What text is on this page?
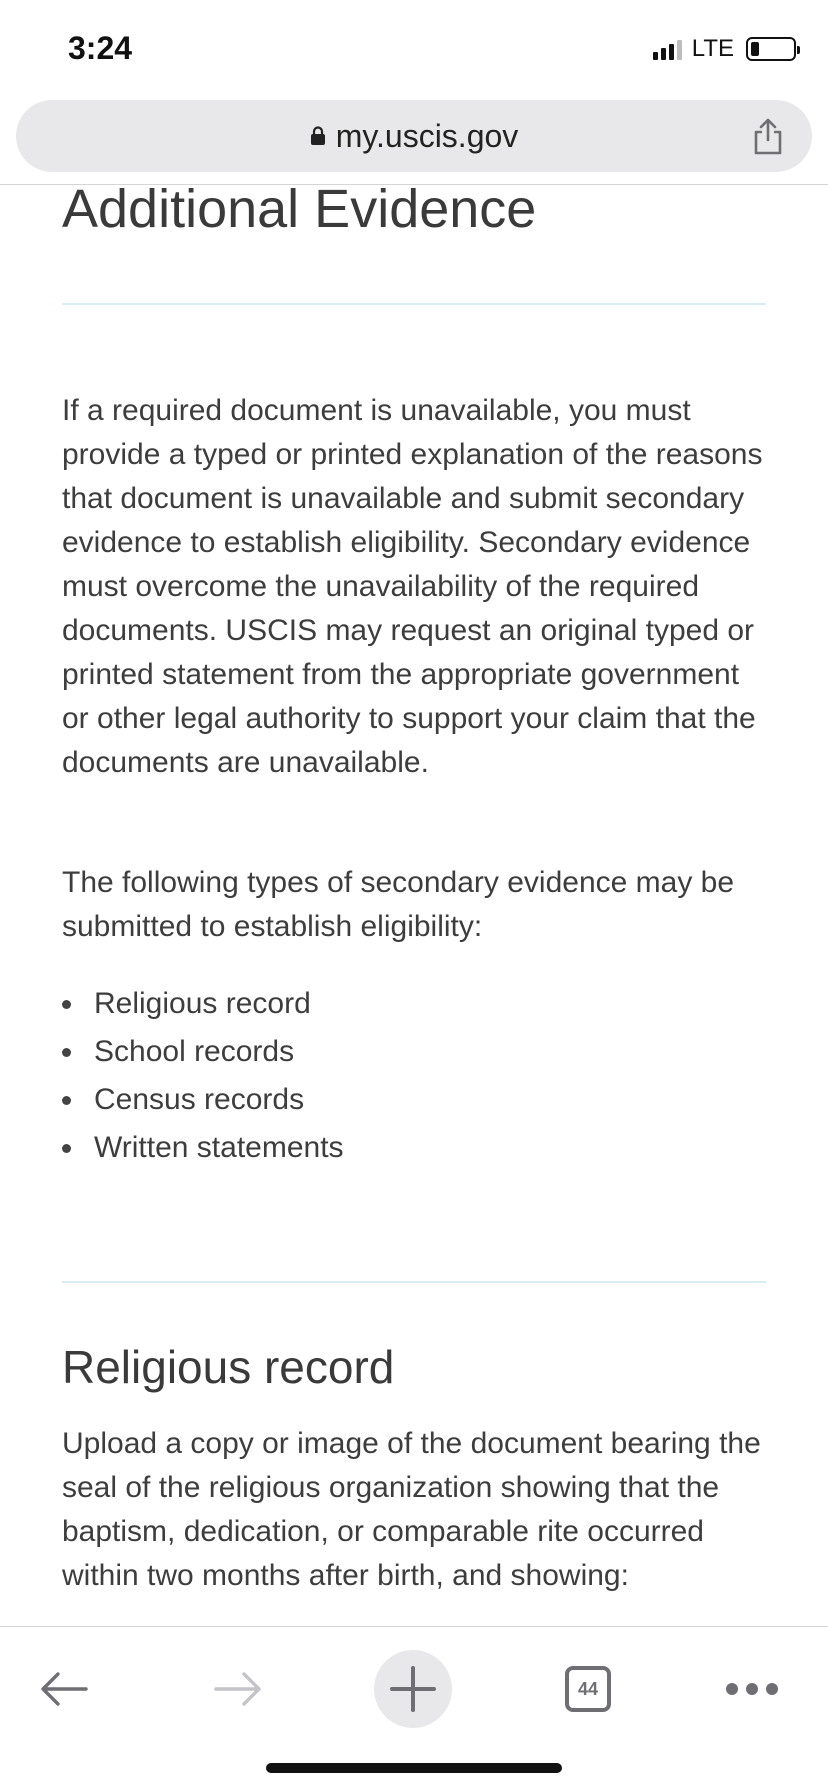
3:24	LTE
my.uscis.gov
Additional Evidence

If a required document is unavailable, you must provide a typed or printed explanation of the reasons that document is unavailable and submit secondary evidence to establish eligibility. Secondary evidence must overcome the unavailability of the required documents. USCIS may request an original typed or printed statement from the appropriate government or other legal authority to support your claim that the documents are unavailable.

The following types of secondary evidence may be submitted to establish eligibility:

Religious record
School records
Census records
Written statements
Religious record

Upload a copy or image of the document bearing the seal of the religious organization showing that the baptism, dedication, or comparable rite occurred within two months after birth, and showing:

44
